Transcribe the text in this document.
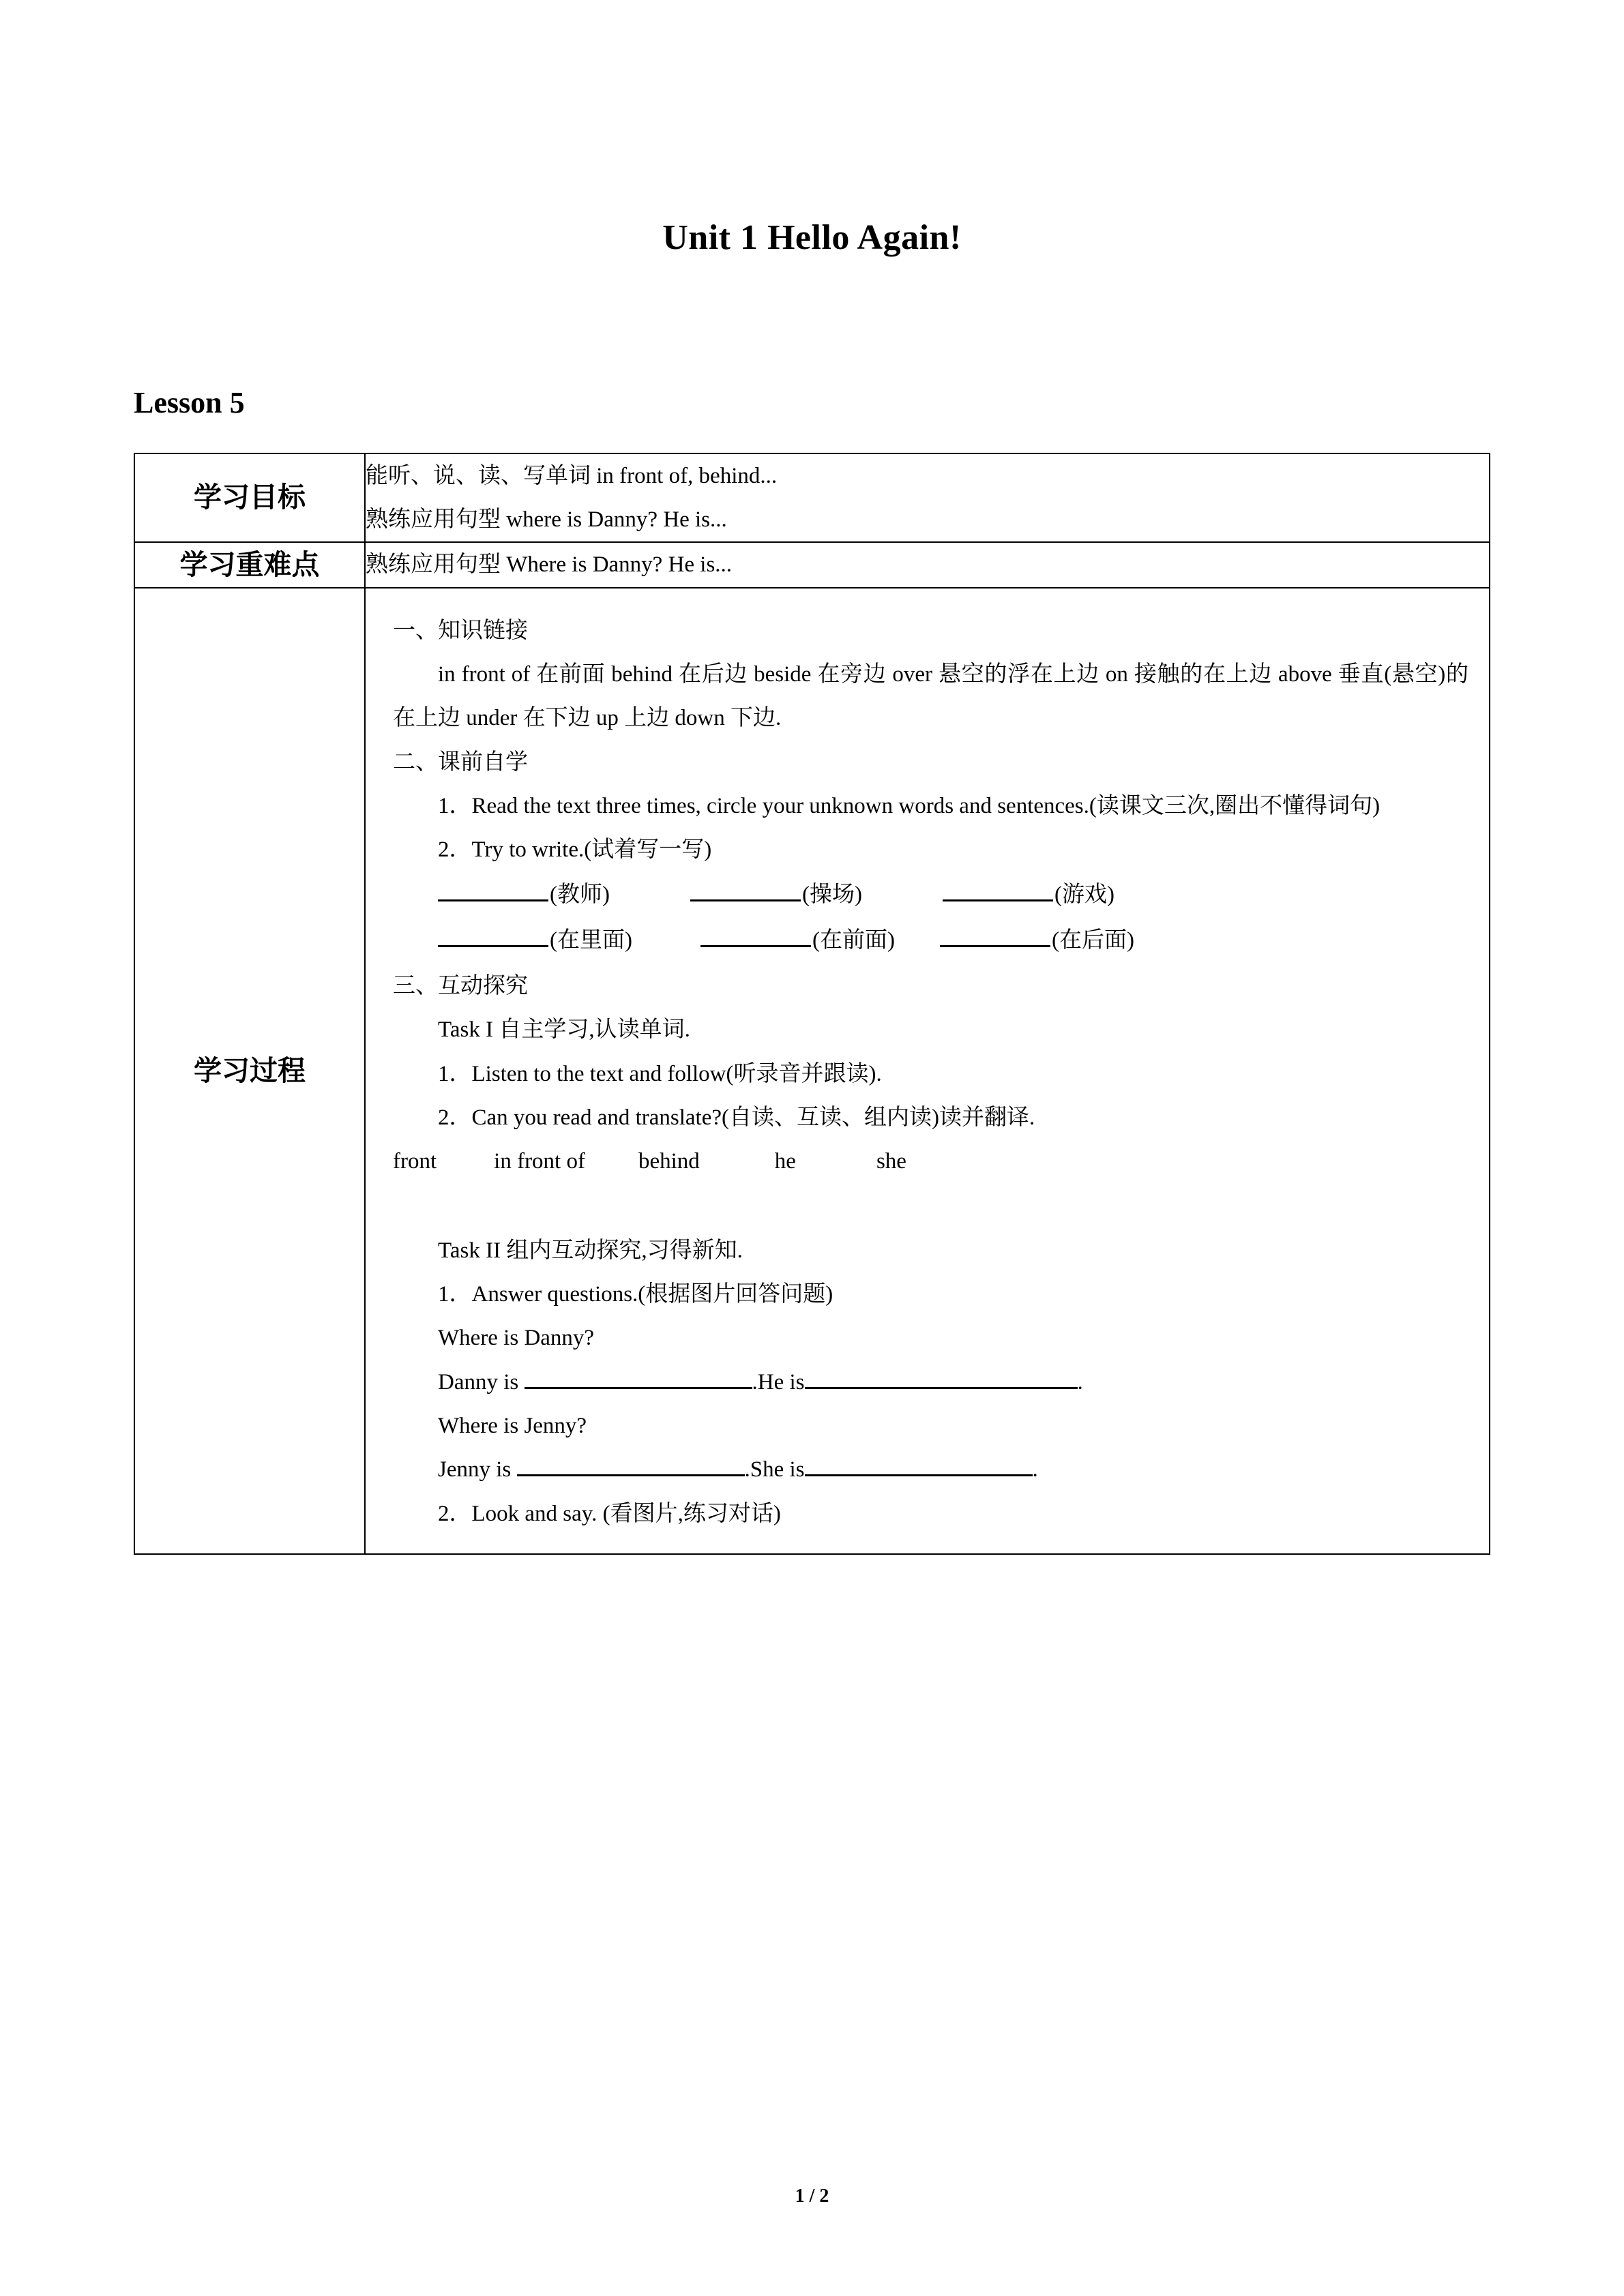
Unit 1 Hello Again!
Lesson 5
学习目标	能听、说、读、写单词 in front of, behind...
熟练应用句型 where is Danny? He is...

学习重难点	熟练应用句型 Where is Danny? He is...

学习过程	
一、知识链接
in front of 在前面 behind 在后边 beside 在旁边 over 悬空的浮在上边 on 接触的在上边 above 垂直(悬空)的在上边 under 在下边 up 上边 down 下边.
二、课前自学
1．Read the text three times, circle your unknown words and sentences.(读课文三次,圈出不懂得词句)
2．Try to write.(试着写一写)
(教师)	(操场)	(游戏)
(在里面)	(在前面)	(在后面)
三、互动探究
Task I 自主学习,认读单词.
1．Listen to the text and follow(听录音并跟读).
2．Can you read and translate?(自读、互读、组内读)读并翻译.
front	in front of behind	he	she
Task II 组内互动探究,习得新知.
1．Answer questions.(根据图片回答问题)
Where is Danny?
Danny is	.He is	.
Where is Jenny?
Jenny is	.She is	.
2．Look and say. (看图片,练习对话)
1 / 2
